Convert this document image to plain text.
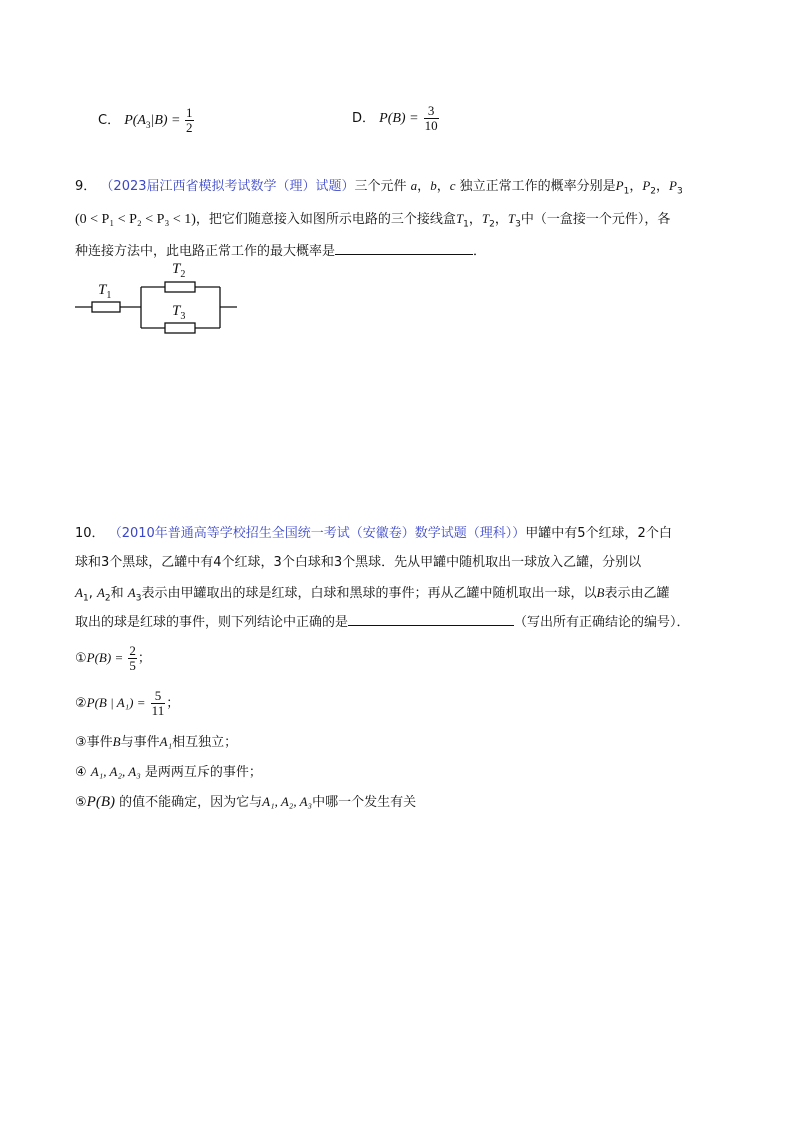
C． $P(A_3|B) = \frac{1}{2}$	D． $P(B) = \frac{3}{10}$
9． （2023届江西省模拟考试数学（理）试题）三个元件 a，b，c 独立正常工作的概率分别是$P_1$，$P_2$，$P_3$
(0 < P₁ < P₂ < P₃ < 1)，把它们随意接入如图所示电路的三个接线盒$T_1$，$T_2$，$T_3$中（一盒接一个元件），各
种连接方法中，此电路正常工作的最大概率是	．
$T_1$
$T_2$
$T_3$
10． （2010年普通高等学校招生全国统一考试（安徽卷）数学试题（理科））甲罐中有5个红球，2个白
球和3个黑球，乙罐中有4个红球，3个白球和3个黑球．先从甲罐中随机取出一球放入乙罐，分别以
$A_1$, $A_2$和 $A_3$表示由甲罐取出的球是红球，白球和黑球的事件；再从乙罐中随机取出一球，以B表示由乙罐
取出的球是红球的事件，则下列结论中正确的是	（写出所有正确结论的编号）．
①P(B) = $\frac{2}{5}$ ；
②P(B | $A_1) = \frac{5}{11}$ ；
③事件B与事件A₁相互独立；
④ A₁, A₂, A₃ 是两两互斥的事件；
⑤P(B) 的值不能确定，因为它与A₁, A₂, A₃中哪一个发生有关
